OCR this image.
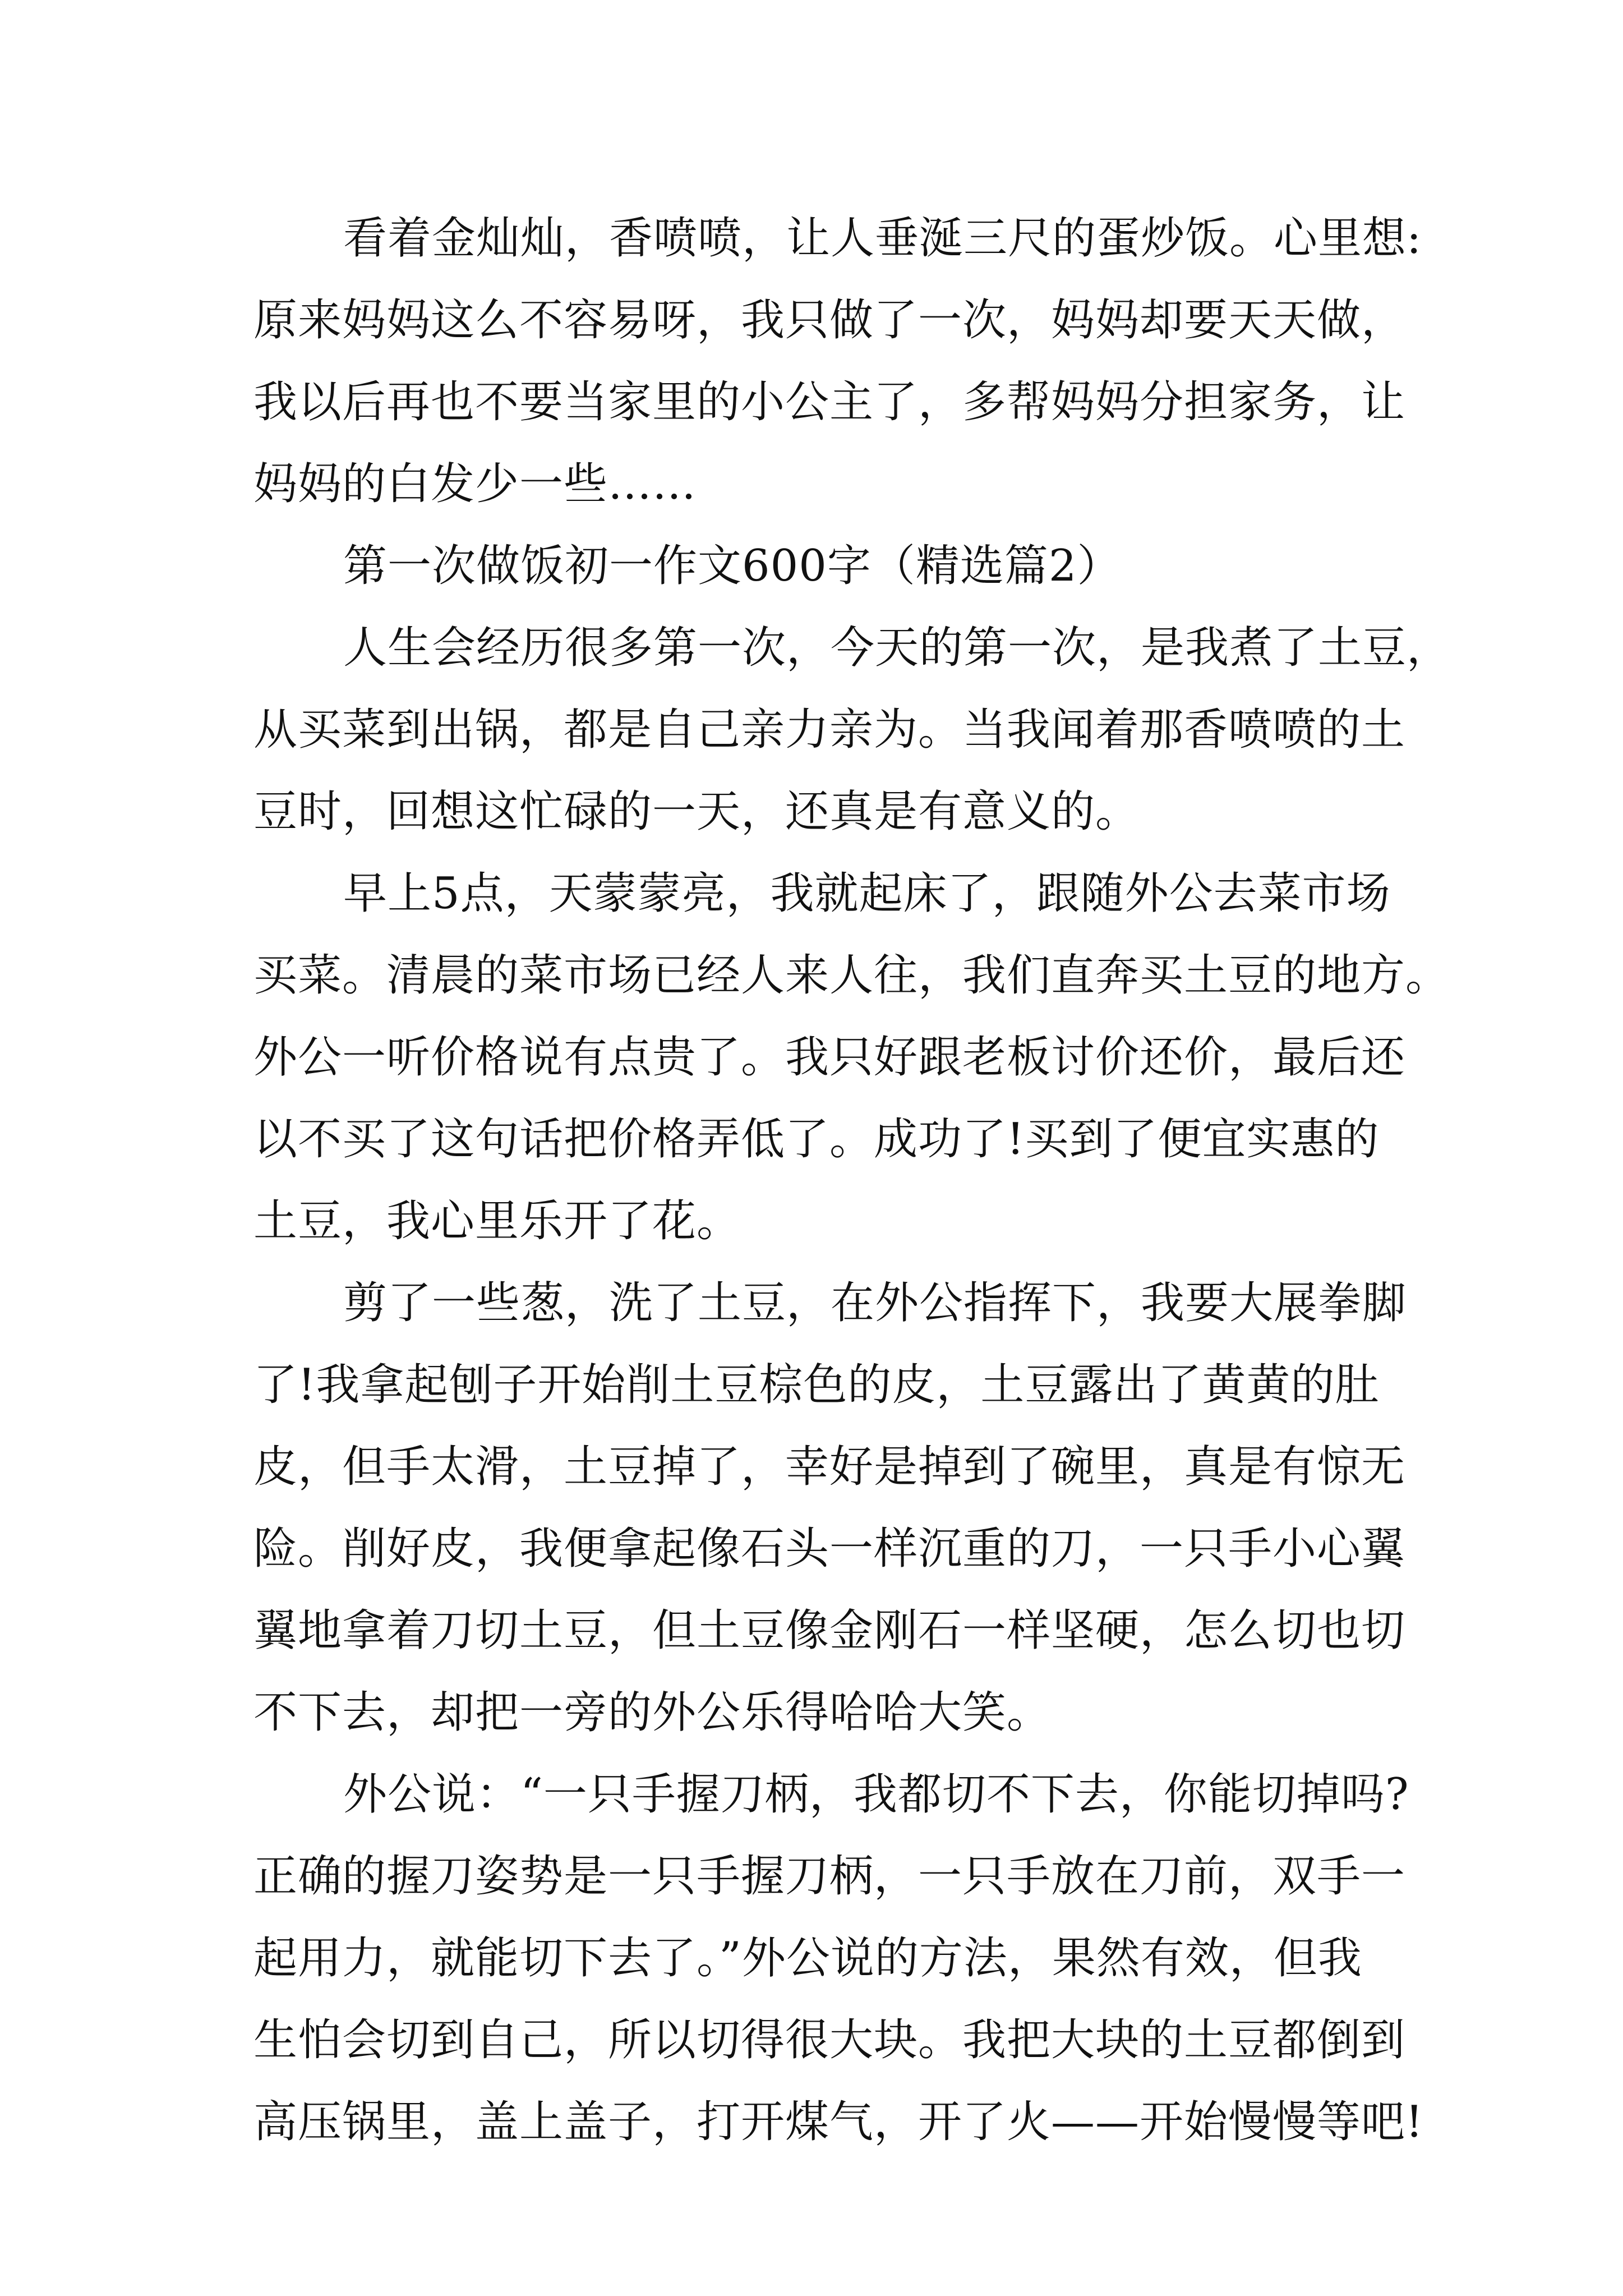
看着金灿灿，香喷喷，让人垂涎三尺的蛋炒饭。心里想:
原来妈妈这么不容易呀，我只做了一次，妈妈却要天天做，
我以后再也不要当家里的小公主了，多帮妈妈分担家务，让
妈妈的白发少一些……

第一次做饭初一作文600字（精选篇2）

人生会经历很多第一次，今天的第一次，是我煮了土豆，
从买菜到出锅，都是自己亲力亲为。当我闻着那香喷喷的土
豆时，回想这忙碌的一天，还真是有意义的。

早上5点，天蒙蒙亮，我就起床了，跟随外公去菜市场
买菜。清晨的菜市场已经人来人往，我们直奔买土豆的地方。
外公一听价格说有点贵了。我只好跟老板讨价还价，最后还
以不买了这句话把价格弄低了。成功了!买到了便宜实惠的
土豆，我心里乐开了花。

剪了一些葱，洗了土豆，在外公指挥下，我要大展拳脚
了!我拿起刨子开始削土豆棕色的皮，土豆露出了黄黄的肚
皮，但手太滑，土豆掉了，幸好是掉到了碗里，真是有惊无
险。削好皮，我便拿起像石头一样沉重的刀，一只手小心翼
翼地拿着刀切土豆，但土豆像金刚石一样坚硬，怎么切也切
不下去，却把一旁的外公乐得哈哈大笑。

外公说：“一只手握刀柄，我都切不下去，你能切掉吗?
正确的握刀姿势是一只手握刀柄，一只手放在刀前，双手一
起用力，就能切下去了。”外公说的方法，果然有效，但我
生怕会切到自己，所以切得很大块。我把大块的土豆都倒到
高压锅里，盖上盖子，打开煤气，开了火——开始慢慢等吧!
